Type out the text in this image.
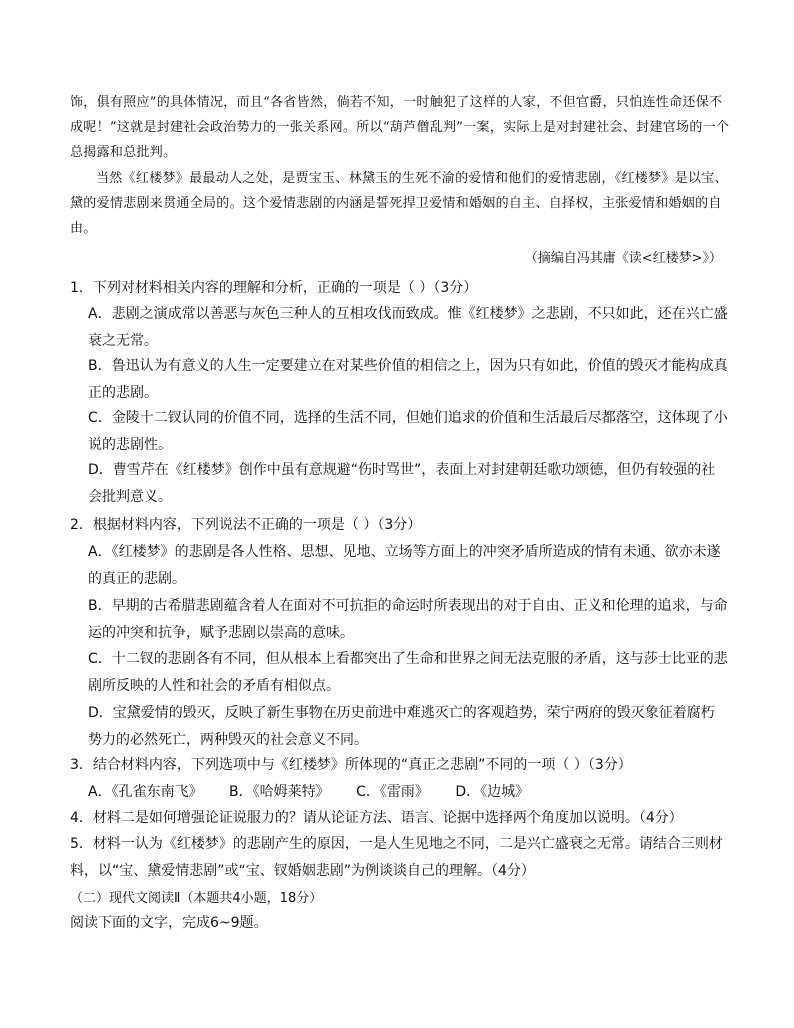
饰，俱有照应”的具体情况，而且“各省皆然，倘若不知，一时触犯了这样的人家，不但官爵，只怕连性命还保不成呢！”这就是封建社会政治势力的一张关系网。所以“葫芦僧乱判”一案，实际上是对封建社会、封建官场的一个总揭露和总批判。
当然《红楼梦》最最动人之处，是贾宝玉、林黛玉的生死不渝的爱情和他们的爱情悲剧，《红楼梦》是以宝、黛的爱情悲剧来贯通全局的。这个爱情悲剧的内涵是誓死捍卫爱情和婚姻的自主、自择权，主张爱情和婚姻的自由。
（摘编自冯其庸《读<红楼梦>》）
1．下列对材料相关内容的理解和分析，正确的一项是（ ）（3分）
A．悲剧之演成常以善恶与灰色三种人的互相攻伐而致成。惟《红楼梦》之悲剧，不只如此，还在兴亡盛衰之无常。
B．鲁迅认为有意义的人生一定要建立在对某些价值的相信之上，因为只有如此，价值的毁灭才能构成真正的悲剧。
C．金陵十二钗认同的价值不同，选择的生活不同，但她们追求的价值和生活最后尽都落空，这体现了小说的悲剧性。
D．曹雪芹在《红楼梦》创作中虽有意规避“伤时骂世”，表面上对封建朝廷歌功颂德，但仍有较强的社会批判意义。
2．根据材料内容，下列说法不正确的一项是（ ）（3分）
A．《红楼梦》的悲剧是各人性格、思想、见地、立场等方面上的冲突矛盾所造成的情有未通、欲亦未遂的真正的悲剧。
B．早期的古希腊悲剧蕴含着人在面对不可抗拒的命运时所表现出的对于自由、正义和伦理的追求，与命运的冲突和抗争，赋予悲剧以崇高的意味。
C．十二钗的悲剧各有不同，但从根本上看都突出了生命和世界之间无法克服的矛盾，这与莎士比亚的悲剧所反映的人性和社会的矛盾有相似点。
D．宝黛爱情的毁灭，反映了新生事物在历史前进中难逃灭亡的客观趋势，荣宁两府的毁灭象征着腐朽势力的必然死亡，两种毁灭的社会意义不同。
3．结合材料内容，下列选项中与《红楼梦》所体现的“真正之悲剧”不同的一项（ ）（3分）
A．《孔雀东南飞》 B．《哈姆莱特》 C．《雷雨》 D．《边城》
4．材料二是如何增强论证说服力的？请从论证方法、语言、论据中选择两个角度加以说明。（4分）
5．材料一认为《红楼梦》的悲剧产生的原因，一是人生见地之不同，二是兴亡盛衰之无常。请结合三则材料，以“宝、黛爱情悲剧”或“宝、钗婚姻悲剧”为例谈谈自己的理解。（4分）
（二）现代文阅读Ⅱ（本题共4小题，18分）
阅读下面的文字，完成6~9题。
